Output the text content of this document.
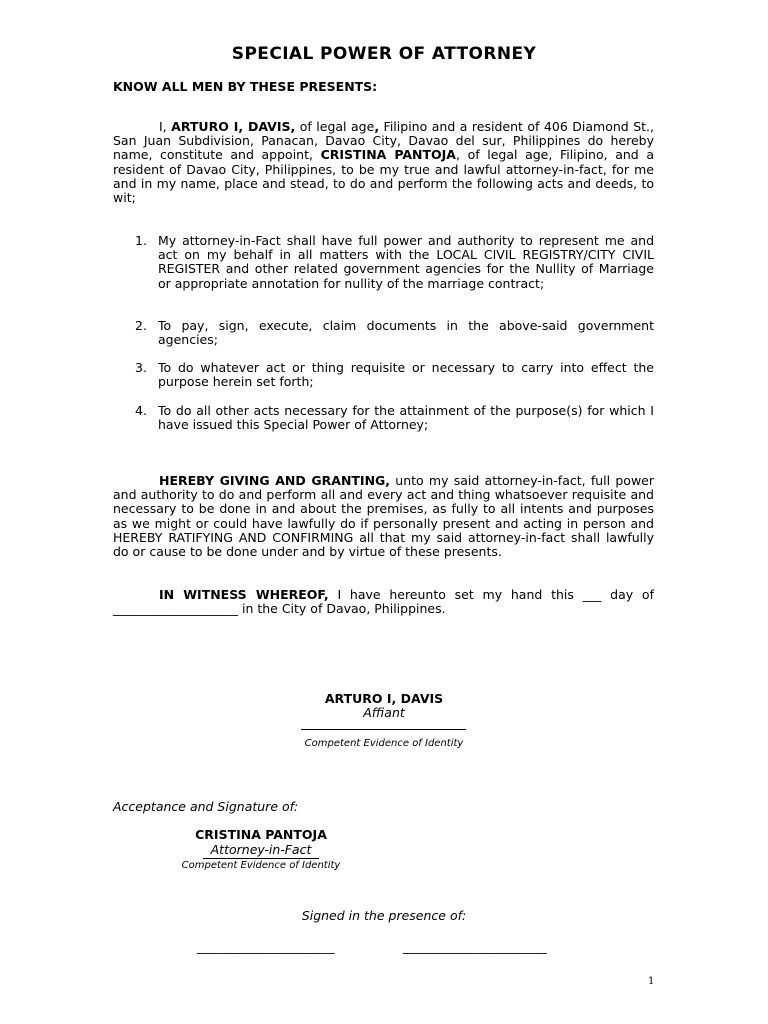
SPECIAL POWER OF ATTORNEY
KNOW ALL MEN BY THESE PRESENTS:
I, ARTURO I, DAVIS, of legal age, Filipino and a resident of 406 Diamond St., San Juan Subdivision, Panacan, Davao City, Davao del sur, Philippines do hereby name, constitute and appoint, CRISTINA PANTOJA, of legal age, Filipino, and a resident of Davao City, Philippines, to be my true and lawful attorney-in-fact, for me and in my name, place and stead, to do and perform the following acts and deeds, to wit;
1. My attorney-in-Fact shall have full power and authority to represent me and act on my behalf in all matters with the LOCAL CIVIL REGISTRY/CITY CIVIL REGISTER and other related government agencies for the Nullity of Marriage or appropriate annotation for nullity of the marriage contract;
2. To pay, sign, execute, claim documents in the above-said government agencies;
3. To do whatever act or thing requisite or necessary to carry into effect the purpose herein set forth;
4. To do all other acts necessary for the attainment of the purpose(s) for which I have issued this Special Power of Attorney;
HEREBY GIVING AND GRANTING, unto my said attorney-in-fact, full power and authority to do and perform all and every act and thing whatsoever requisite and necessary to be done in and about the premises, as fully to all intents and purposes as we might or could have lawfully do if personally present and acting in person and HEREBY RATIFYING AND CONFIRMING all that my said attorney-in-fact shall lawfully do or cause to be done under and by virtue of these presents.
IN WITNESS WHEREOF, I have hereunto set my hand this ___ day of ____________________ in the City of Davao, Philippines.
ARTURO I, DAVIS
Affiant
Competent Evidence of Identity
Acceptance and Signature of:
CRISTINA PANTOJA
Attorney-in-Fact
Competent Evidence of Identity
Signed in the presence of:
______________________	_______________________
1
